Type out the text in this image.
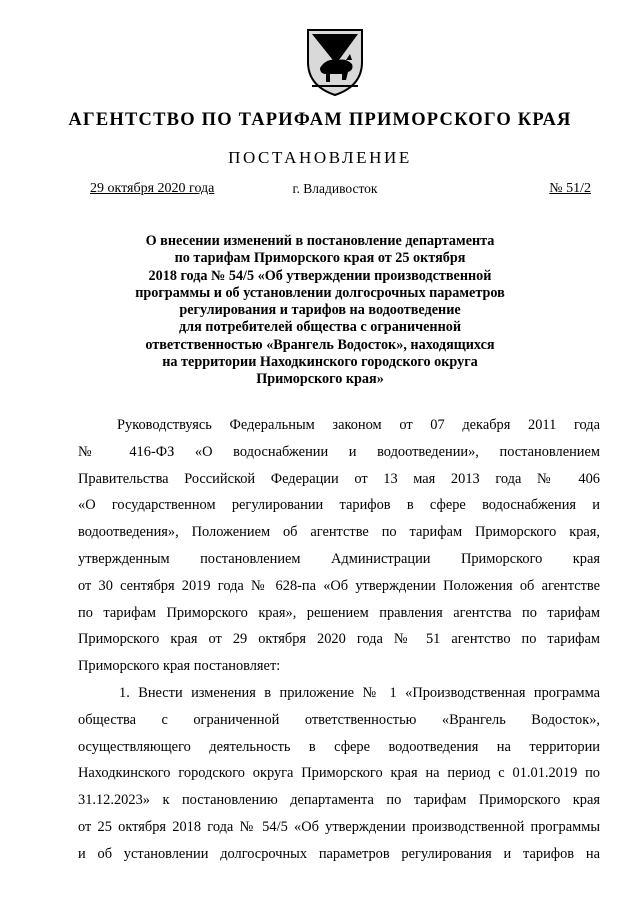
АГЕНТСТВО ПО ТАРИФАМ ПРИМОРСКОГО КРАЯ
ПОСТАНОВЛЕНИЕ
29 октября 2020 года	г. Владивосток	№ 51/2
О внесении изменений в постановление департамента
по тарифам Приморского края от 25 октября
2018 года № 54/5 «Об утверждении производственной
программы и об установлении долгосрочных параметров
регулирования и тарифов на водоотведение
для потребителей общества с ограниченной
ответственностью «Врангель Водосток», находящихся
на территории Находкинского городского округа
Приморского края»
Руководствуясь Федеральным законом от 07 декабря 2011 года
№ 416-ФЗ «О водоснабжении и водоотведении», постановлением
Правительства Российской Федерации от 13 мая 2013 года № 406
«О государственном регулировании тарифов в сфере водоснабжения и
водоотведения», Положением об агентстве по тарифам Приморского края,
утвержденным постановлением Администрации Приморского края
от 30 сентября 2019 года № 628-па «Об утверждении Положения об агентстве
по тарифам Приморского края», решением правления агентства по тарифам
Приморского края от 29 октября 2020 года № 51 агентство по тарифам
Приморского края постановляет:
1. Внести изменения в приложение № 1 «Производственная программа
общества с ограниченной ответственностью «Врангель Водосток»,
осуществляющего деятельность в сфере водоотведения на территории
Находкинского городского округа Приморского края на период с 01.01.2019 по
31.12.2023» к постановлению департамента по тарифам Приморского края
от 25 октября 2018 года № 54/5 «Об утверждении производственной программы
и об установлении долгосрочных параметров регулирования и тарифов на
